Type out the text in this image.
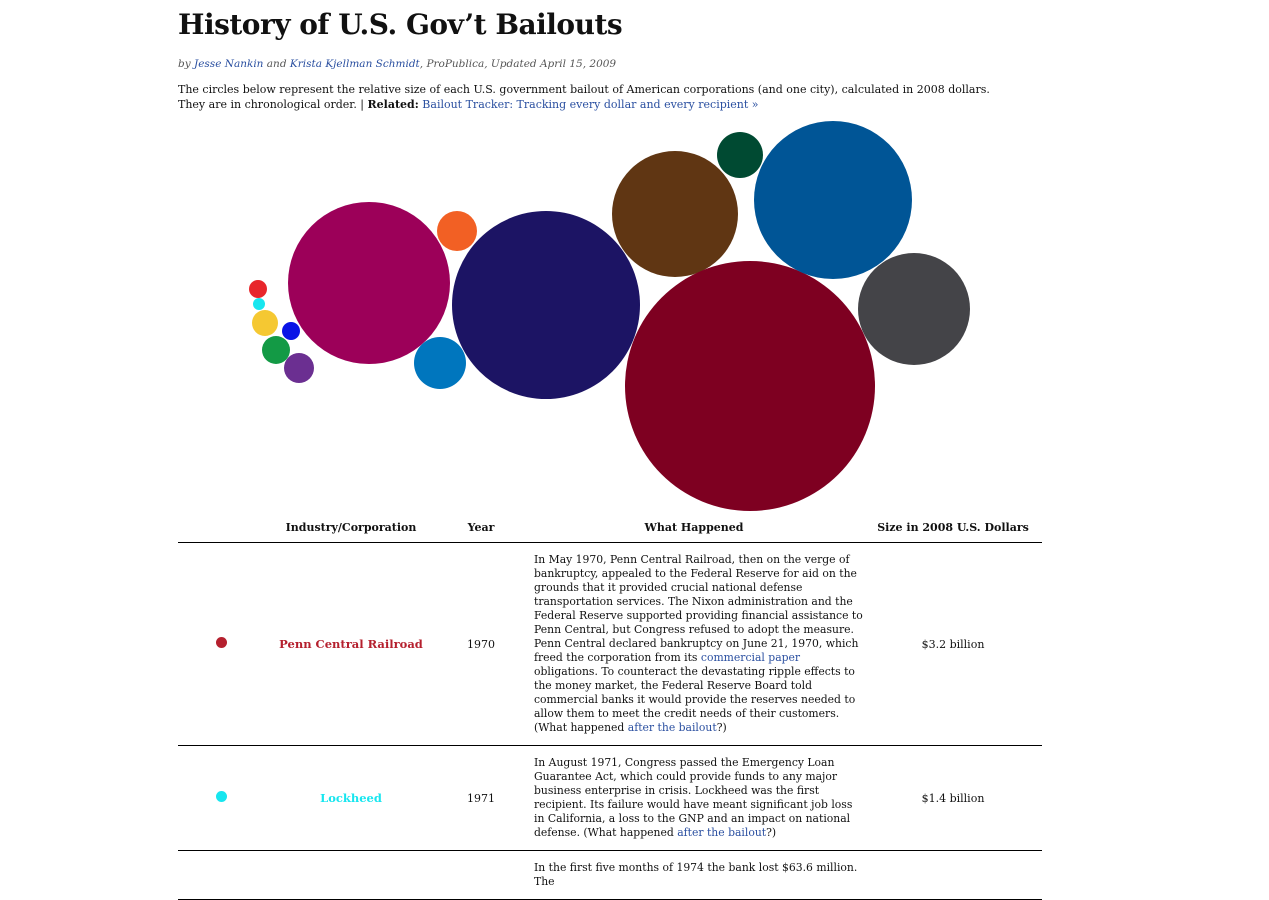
History of U.S. Gov’t Bailouts
by Jesse Nankin and Krista Kjellman Schmidt, ProPublica, Updated April 15, 2009
The circles below represent the relative size of each U.S. government bailout of American corporations (and one city), calculated in 2008 dollars. They are in chronological order. | Related: Bailout Tracker: Tracking every dollar and every recipient »
	Industry/Corporation	Year	What Happened	Size in 2008 U.S. Dollars
	Penn Central Railroad	1970	In May 1970, Penn Central Railroad, then on the verge of bankruptcy, appealed to the Federal Reserve for aid on the grounds that it provided crucial national defense transportation services. The Nixon administration and the Federal Reserve supported providing financial assistance to Penn Central, but Congress refused to adopt the measure. Penn Central declared bankruptcy on June 21, 1970, which freed the corporation from its commercial paper obligations. To counteract the devastating ripple effects to the money market, the Federal Reserve Board told commercial banks it would provide the reserves needed to allow them to meet the credit needs of their customers. (What happened after the bailout?)	$3.2 billion
	Lockheed	1971	In August 1971, Congress passed the Emergency Loan Guarantee Act, which could provide funds to any major business enterprise in crisis. Lockheed was the first recipient. Its failure would have meant significant job loss in California, a loss to the GNP and an impact on national defense. (What happened after the bailout?)	$1.4 billion
			In the first five months of 1974 the bank lost $63.6 million. The	
